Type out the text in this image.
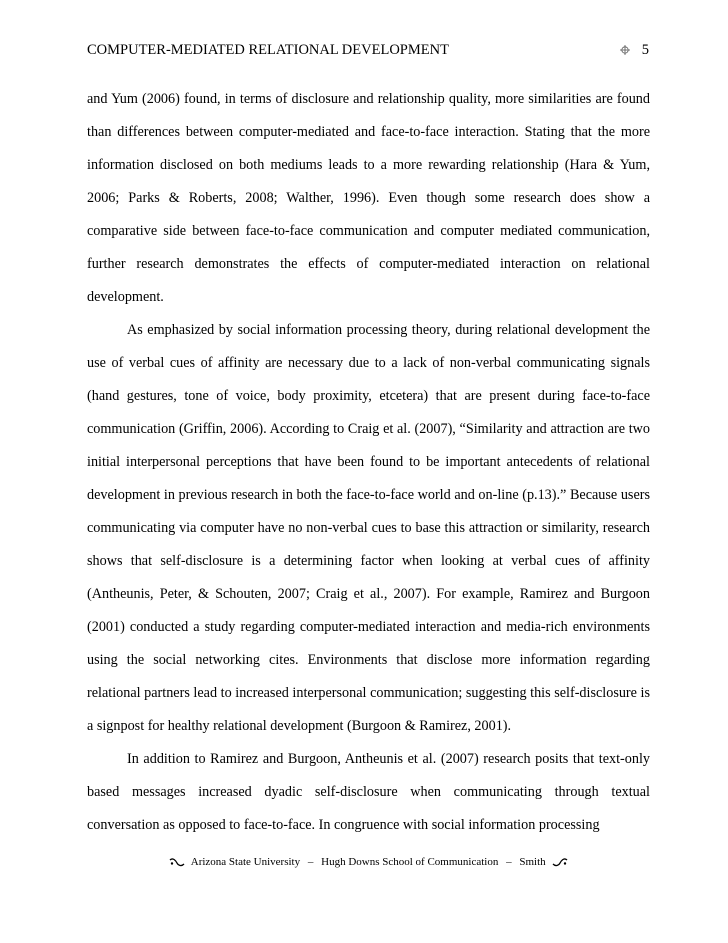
COMPUTER-MEDIATED RELATIONAL DEVELOPMENT	5

and Yum (2006) found, in terms of disclosure and relationship quality, more similarities are found than differences between computer-mediated and face-to-face interaction. Stating that the more information disclosed on both mediums leads to a more rewarding relationship (Hara & Yum, 2006; Parks & Roberts, 2008; Walther, 1996). Even though some research does show a comparative side between face-to-face communication and computer mediated communication, further research demonstrates the effects of computer-mediated interaction on relational development.

As emphasized by social information processing theory, during relational development the use of verbal cues of affinity are necessary due to a lack of non-verbal communicating signals (hand gestures, tone of voice, body proximity, etcetera) that are present during face-to-face communication (Griffin, 2006). According to Craig et al. (2007), “Similarity and attraction are two initial interpersonal perceptions that have been found to be important antecedents of relational development in previous research in both the face-to-face world and on-line (p.13).” Because users communicating via computer have no non-verbal cues to base this attraction or similarity, research shows that self-disclosure is a determining factor when looking at verbal cues of affinity (Antheunis, Peter, & Schouten, 2007; Craig et al., 2007). For example, Ramirez and Burgoon (2001) conducted a study regarding computer-mediated interaction and media-rich environments using the social networking cites. Environments that disclose more information regarding relational partners lead to increased interpersonal communication; suggesting this self-disclosure is a signpost for healthy relational development (Burgoon & Ramirez, 2001).

In addition to Ramirez and Burgoon, Antheunis et al. (2007) research posits that text-only based messages increased dyadic self-disclosure when communicating through textual conversation as opposed to face-to-face. In congruence with social information processing

Arizona State University – Hugh Downs School of Communication – Smith
